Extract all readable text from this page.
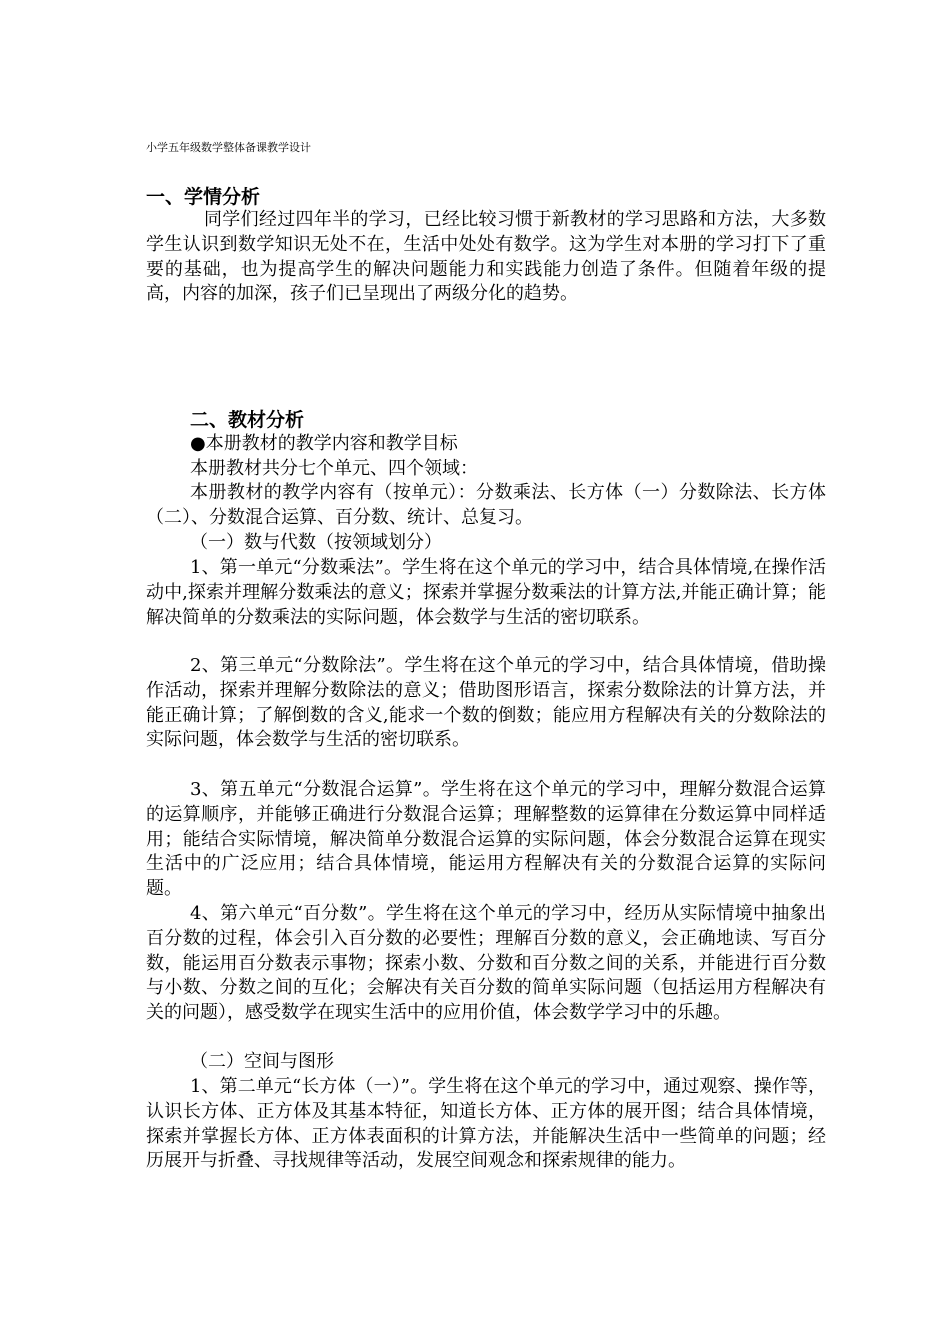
小学五年级数学整体备课教学设计
一、学情分析
同学们经过四年半的学习，已经比较习惯于新教材的学习思路和方法，大多数学生认识到数学知识无处不在，生活中处处有数学。这为学生对本册的学习打下了重要的基础，也为提高学生的解决问题能力和实践能力创造了条件。但随着年级的提高，内容的加深，孩子们已呈现出了两级分化的趋势。
二、教材分析
●本册教材的教学内容和教学目标
本册教材共分七个单元、四个领域：
本册教材的教学内容有（按单元）：分数乘法、长方体（一）分数除法、长方体（二）、分数混合运算、百分数、统计、总复习。
（一）数与代数（按领域划分）
1、第一单元“分数乘法”。学生将在这个单元的学习中，结合具体情境,在操作活动中,探索并理解分数乘法的意义；探索并掌握分数乘法的计算方法,并能正确计算；能解决简单的分数乘法的实际问题，体会数学与生活的密切联系。
2、第三单元“分数除法”。学生将在这个单元的学习中，结合具体情境，借助操作活动，探索并理解分数除法的意义；借助图形语言，探索分数除法的计算方法，并能正确计算；了解倒数的含义,能求一个数的倒数；能应用方程解决有关的分数除法的实际问题，体会数学与生活的密切联系。
3、第五单元“分数混合运算”。学生将在这个单元的学习中，理解分数混合运算的运算顺序，并能够正确进行分数混合运算；理解整数的运算律在分数运算中同样适用；能结合实际情境，解决简单分数混合运算的实际问题，体会分数混合运算在现实生活中的广泛应用；结合具体情境，能运用方程解决有关的分数混合运算的实际问题。
4、第六单元“百分数”。学生将在这个单元的学习中，经历从实际情境中抽象出百分数的过程，体会引入百分数的必要性；理解百分数的意义，会正确地读、写百分数，能运用百分数表示事物；探索小数、分数和百分数之间的关系，并能进行百分数与小数、分数之间的互化；会解决有关百分数的简单实际问题（包括运用方程解决有关的问题），感受数学在现实生活中的应用价值，体会数学学习中的乐趣。
（二）空间与图形
1、第二单元“长方体（一）”。学生将在这个单元的学习中，通过观察、操作等，认识长方体、正方体及其基本特征，知道长方体、正方体的展开图；结合具体情境，探索并掌握长方体、正方体表面积的计算方法，并能解决生活中一些简单的问题；经历展开与折叠、寻找规律等活动，发展空间观念和探索规律的能力。
